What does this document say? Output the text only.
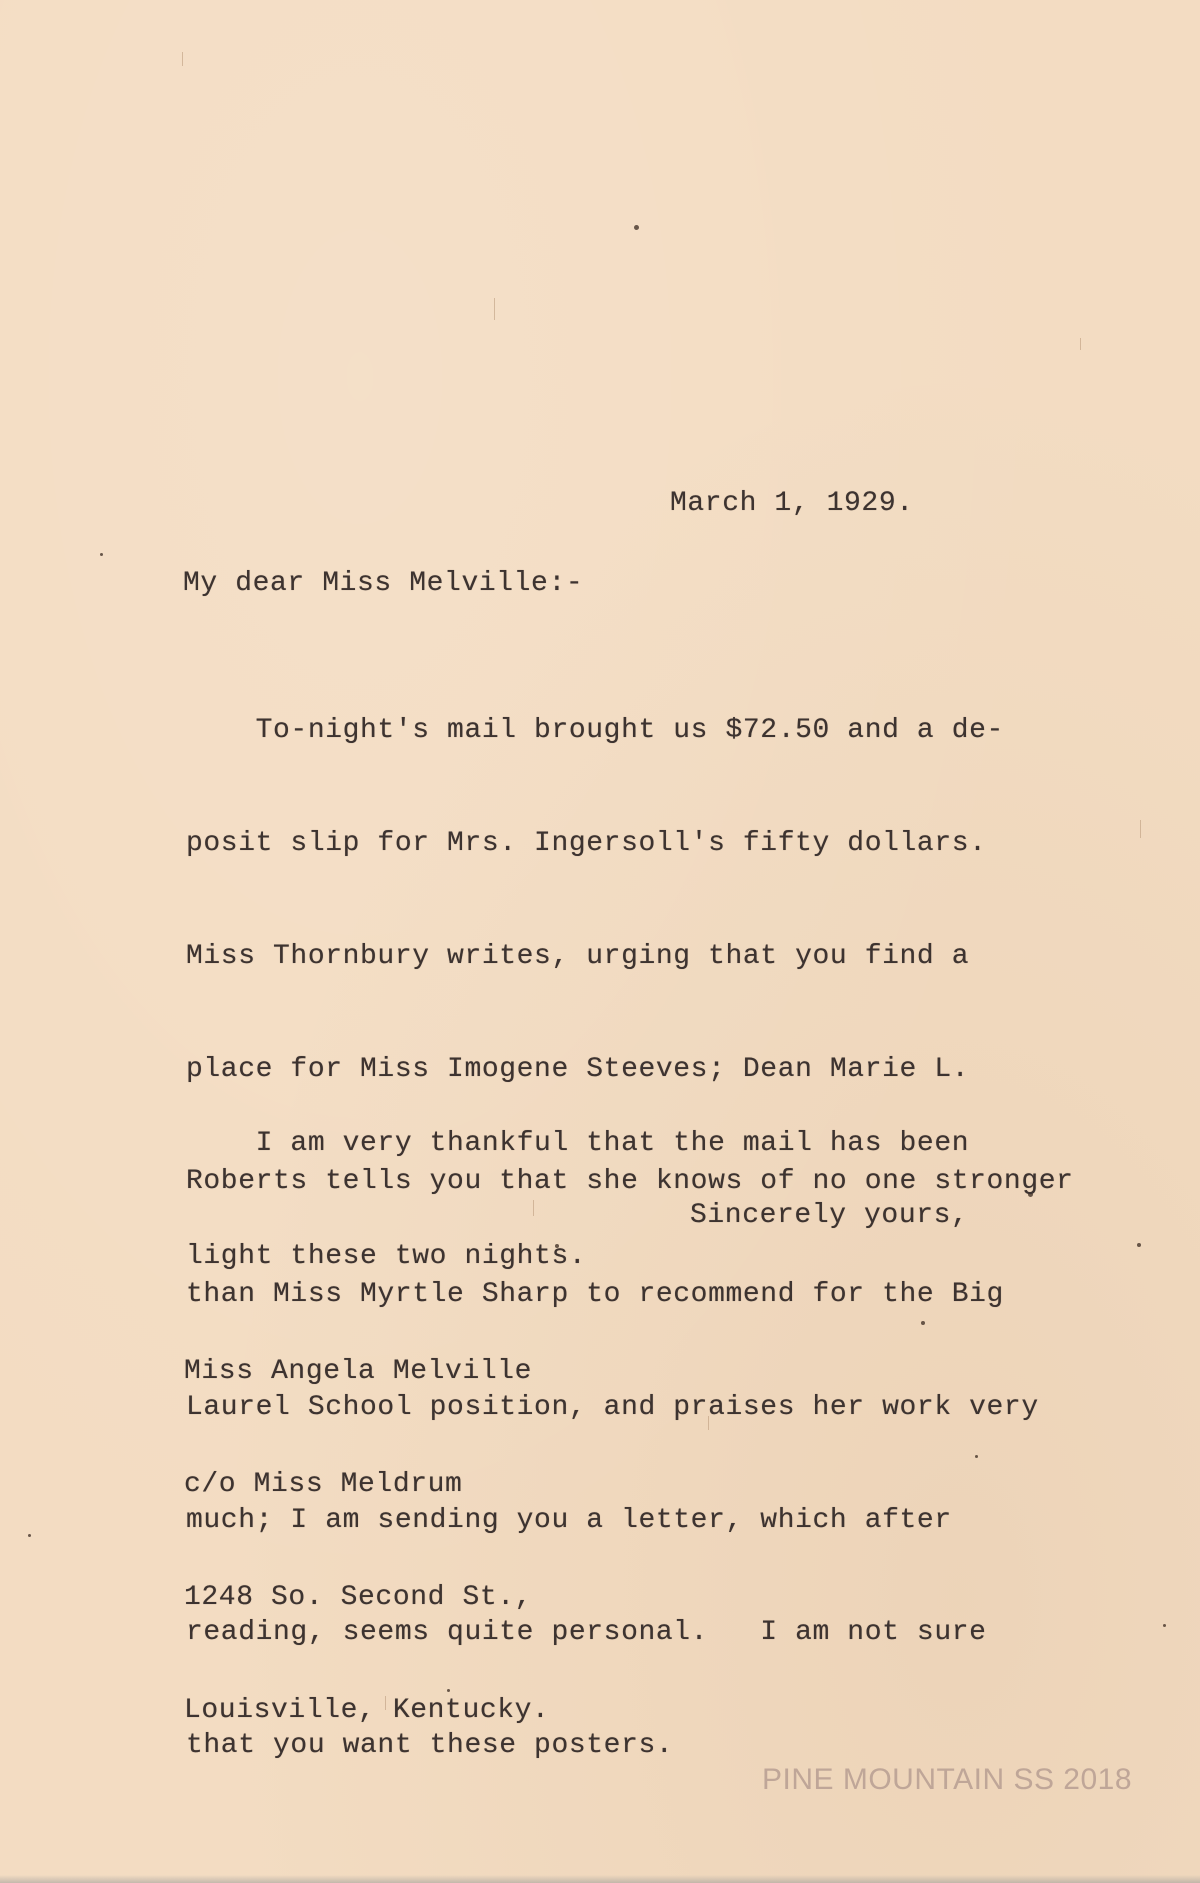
March 1, 1929.

My dear Miss Melville:-

To-night's mail brought us $72.50 and a de-

posit slip for Mrs. Ingersoll's fifty dollars.

Miss Thornbury writes, urging that you find a

place for Miss Imogene Steeves; Dean Marie L.

Roberts tells you that she knows of no one stronger

than Miss Myrtle Sharp to recommend for the Big

Laurel School position, and praises her work very

much; I am sending you a letter, which after

reading, seems quite personal.   I am not sure

that you want these posters.

I am very thankful that the mail has been

light these two nights.

Sincerely yours,

Miss Angela Melville

c/o Miss Meldrum

1248 So. Second St.,

Louisville, Kentucky.

PINE MOUNTAIN SS 2018
